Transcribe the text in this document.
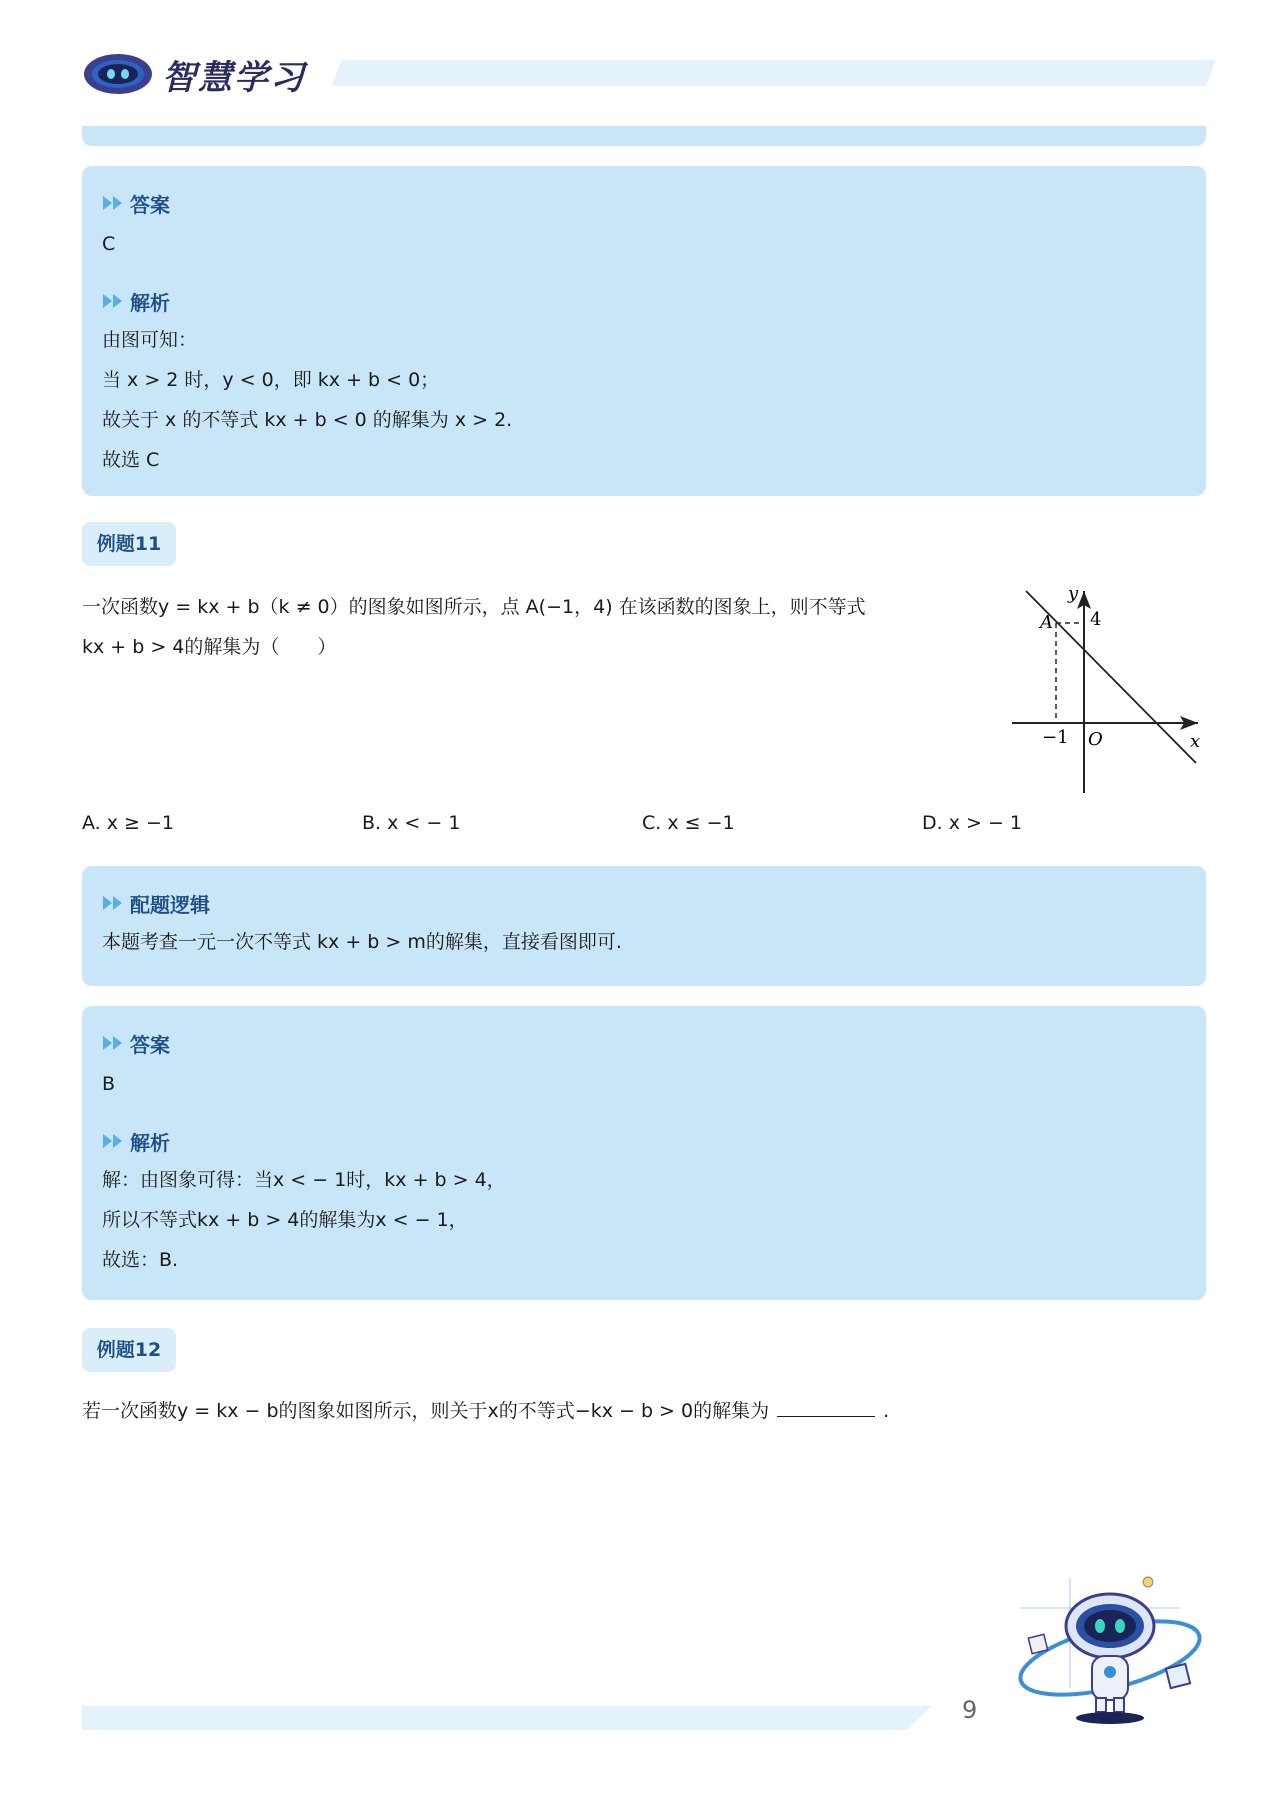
智慧学习
答案
C
解析
由图可知：
当 x > 2 时，y < 0，即 kx + b < 0；
故关于 x 的不等式 kx + b < 0 的解集为 x > 2.
故选 C
例题11
一次函数y = kx + b（k ≠ 0）的图象如图所示，点 A(−1，4) 在该函数的图象上，则不等式
kx + b > 4的解集为（　　）
y
x
A 4
−1 O
A. x ≥ −1	B. x < − 1	C. x ≤ −1	D. x > − 1
配题逻辑
本题考查一元一次不等式 kx + b > m的解集，直接看图即可.
答案
B
解析
解：由图象可得：当x < − 1时，kx + b > 4，
所以不等式kx + b > 4的解集为x < − 1，
故选：B.
例题12
若一次函数y = kx − b的图象如图所示，则关于x的不等式−kx − b > 0的解集为	.
9
